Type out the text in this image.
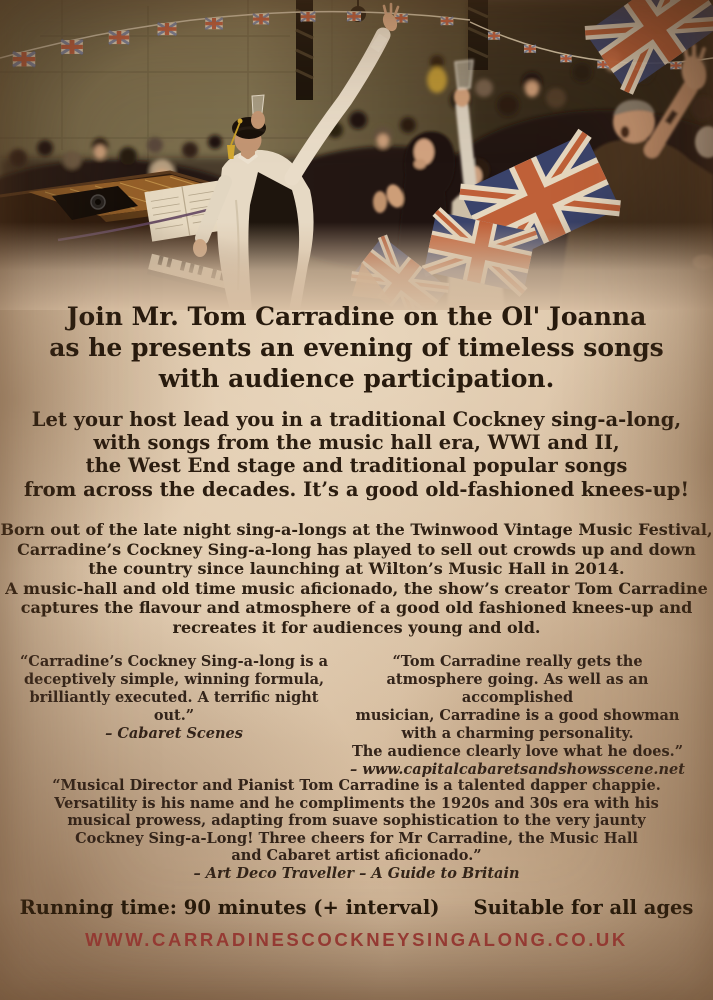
Join Mr. Tom Carradine on the Ol' Joanna
as he presents an evening of timeless songs
with audience participation.
Let your host lead you in a traditional Cockney sing-a-long,
with songs from the music hall era, WWI and II,
the West End stage and traditional popular songs
from across the decades. It’s a good old-fashioned knees-up!
Born out of the late night sing-a-longs at the Twinwood Vintage Music Festival,
Carradine’s Cockney Sing-a-long has played to sell out crowds up and down
the country since launching at Wilton’s Music Hall in 2014.
A music-hall and old time music aficionado, the show’s creator Tom Carradine
captures the flavour and atmosphere of a good old fashioned knees-up and
recreates it for audiences young and old.
“Carradine’s Cockney Sing-a-long is a
deceptively simple, winning formula,
brilliantly executed. A terrific night out.”
– Cabaret Scenes
“Tom Carradine really gets the
atmosphere going. As well as an accomplished
musician, Carradine is a good showman
with a charming personality.
The audience clearly love what he does.”
– www.capitalcabaretsandshowsscene.net
“Musical Director and Pianist Tom Carradine is a talented dapper chappie.
Versatility is his name and he compliments the 1920s and 30s era with his
musical prowess, adapting from suave sophistication to the very jaunty
Cockney Sing-a-Long! Three cheers for Mr Carradine, the Music Hall
and Cabaret artist aficionado.”
– Art Deco Traveller – A Guide to Britain
Running time: 90 minutes (+ interval) Suitable for all ages
WWW.CARRADINESCOCKNEYSINGALONG.CO.UK
